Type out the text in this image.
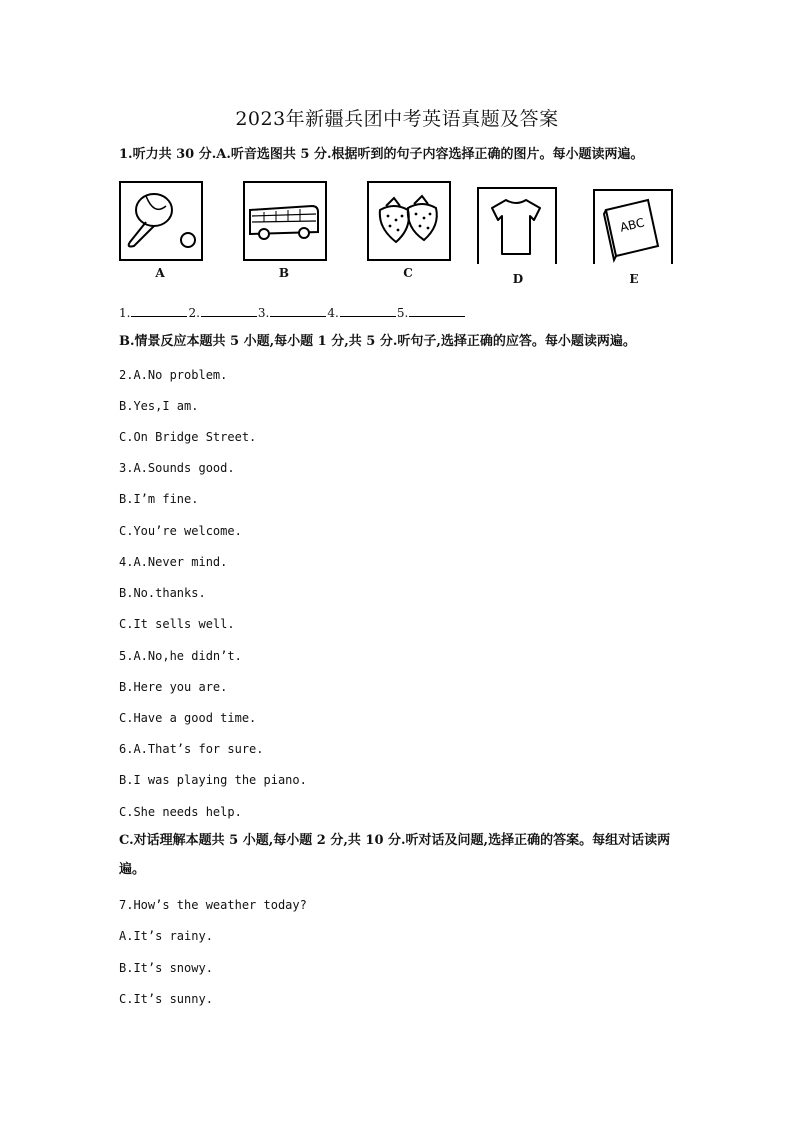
2023年新疆兵团中考英语真题及答案
1.听力共 30 分.A.听音选图共 5 分.根据听到的句子内容选择正确的图片。每小题读两遍。
A	B	C	D
ABC
E
1.	2.	3.	4.	5.
B.情景反应本题共 5 小题,每小题 1 分,共 5 分.听句子,选择正确的应答。每小题读两遍。
2.A.No problem.
B.Yes,I am.
C.On Bridge Street.
3.A.Sounds good.
B.I’m fine.
C.You’re welcome.
4.A.Never mind.
B.No.thanks.
C.It sells well.
5.A.No,he didn’t.
B.Here you are.
C.Have a good time.
6.A.That’s for sure.
B.I was playing the piano.
C.She needs help.
C.对话理解本题共 5 小题,每小题 2 分,共 10 分.听对话及问题,选择正确的答案。每组对话读两遍。
7.How’s the weather today?
A.It’s rainy.
B.It’s snowy.
C.It’s sunny.
